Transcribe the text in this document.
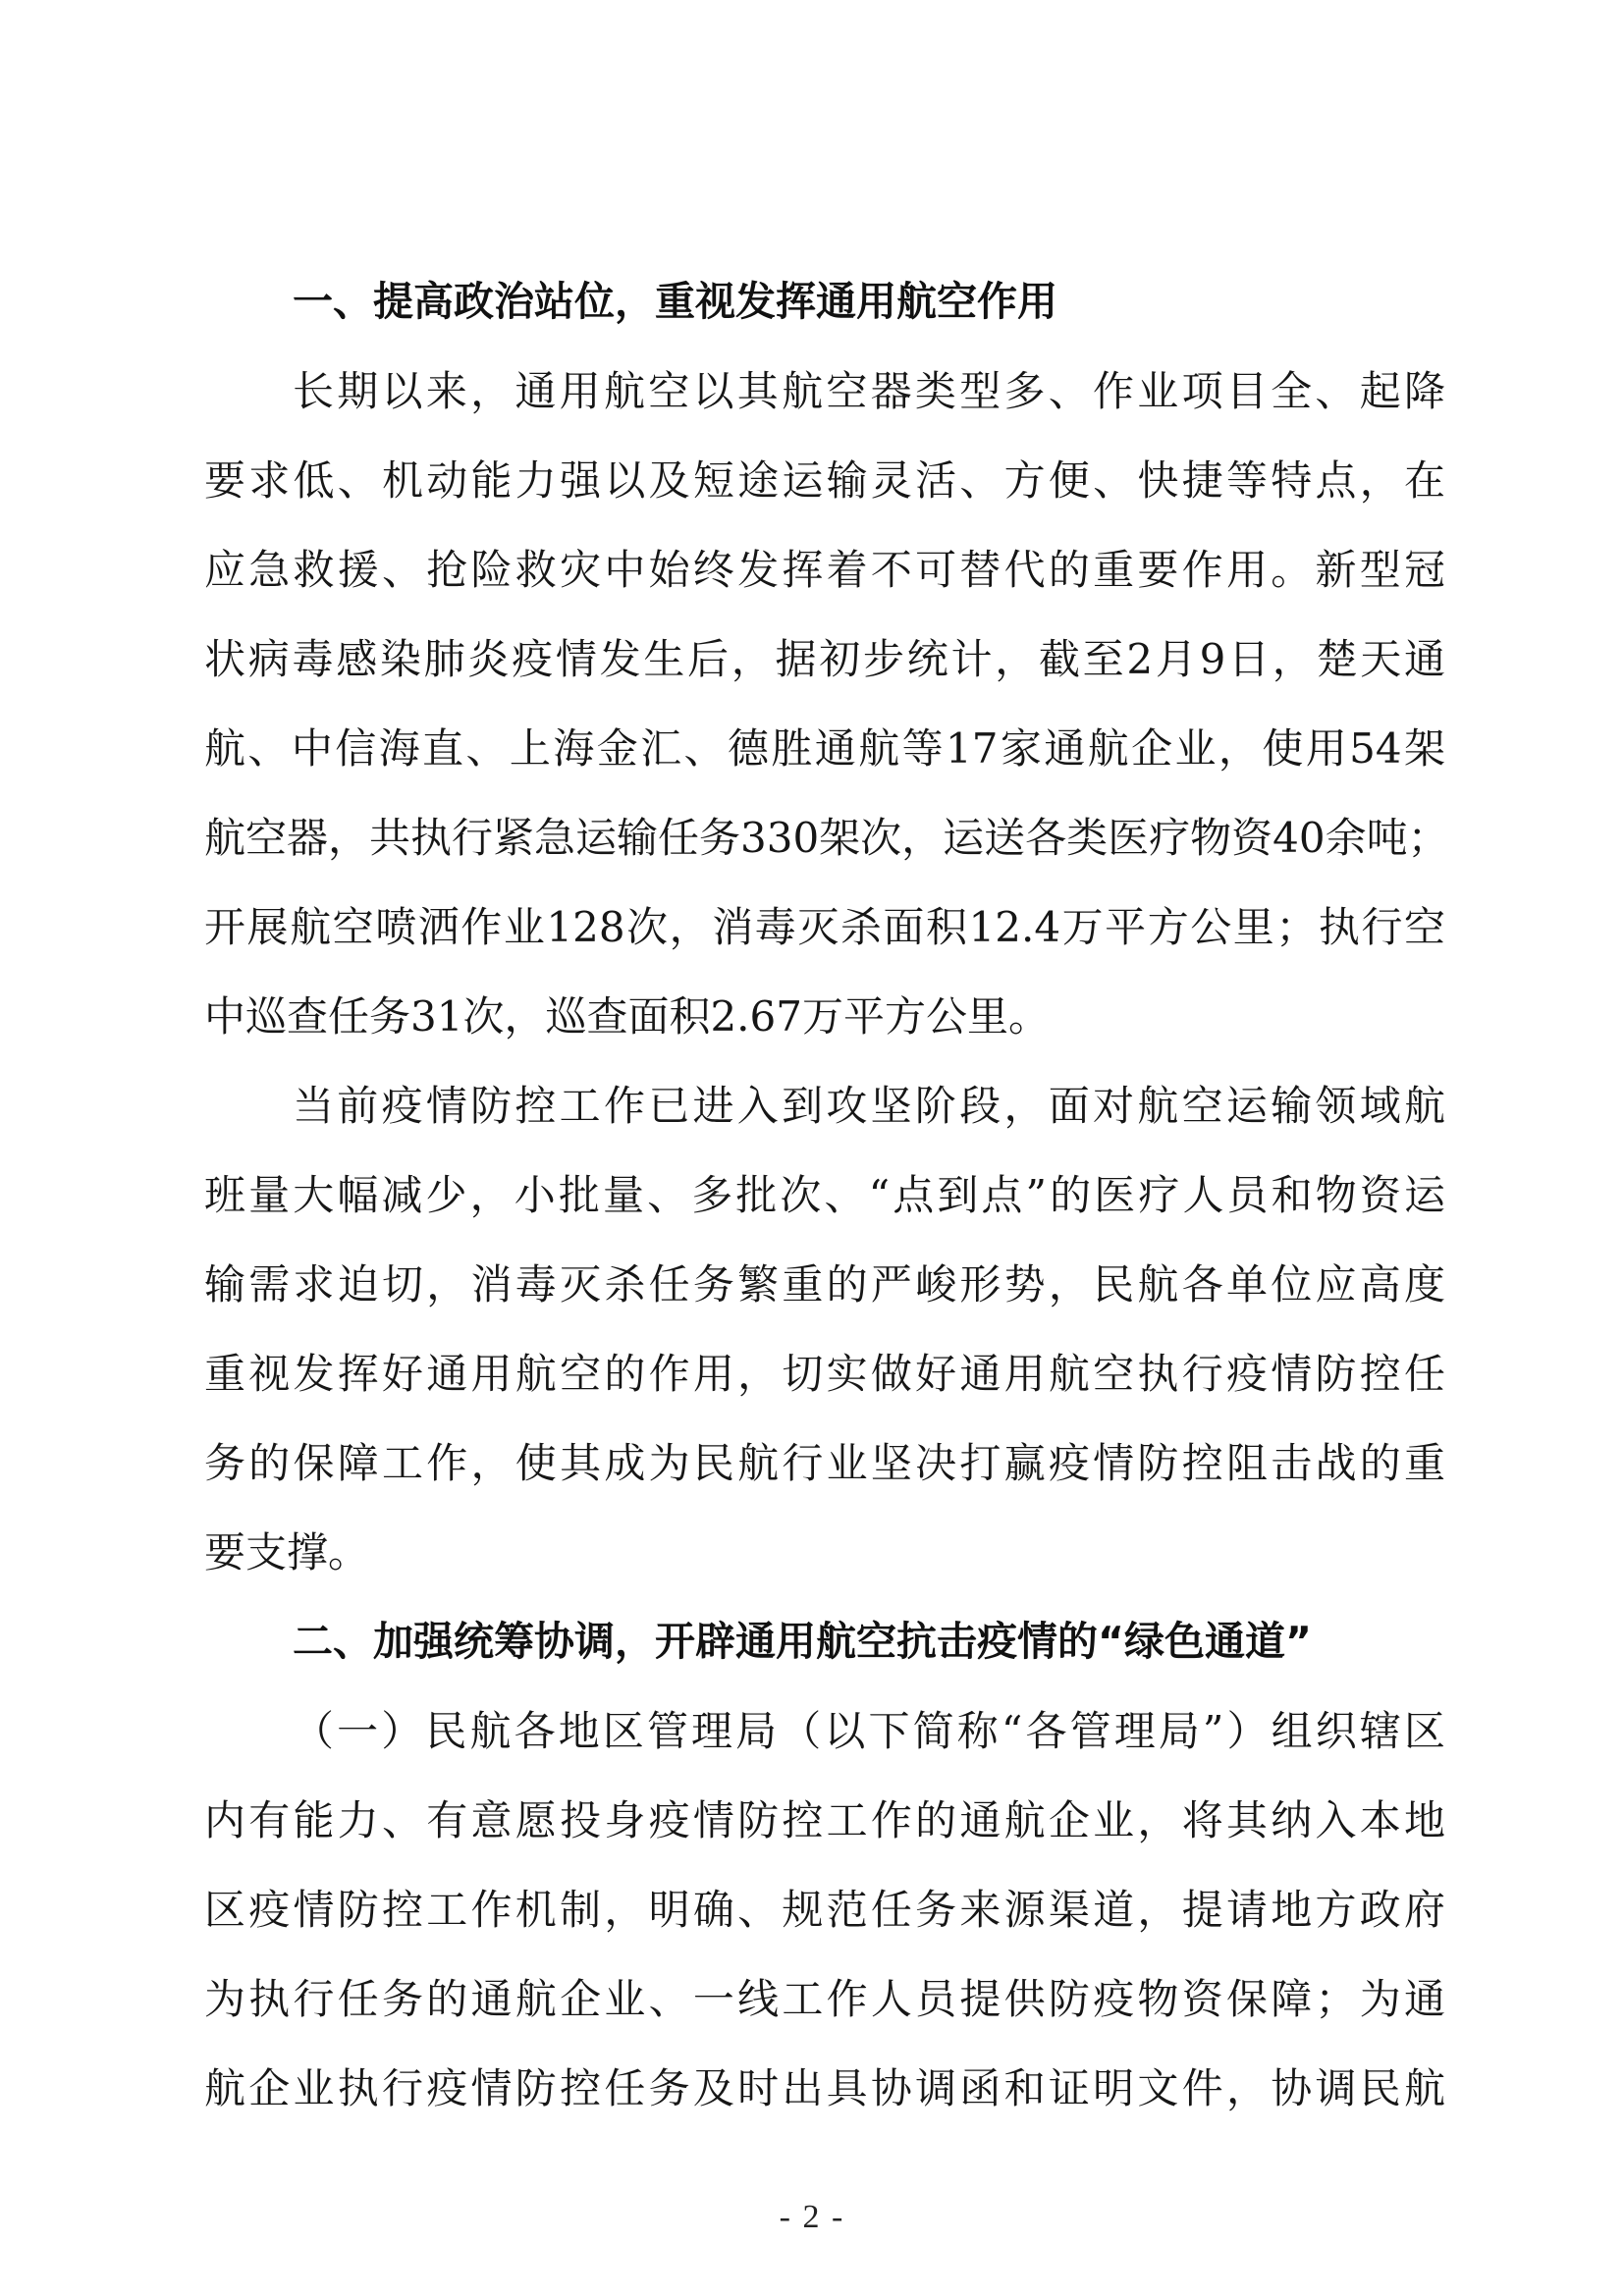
一、提高政治站位，重视发挥通用航空作用
长期以来，通用航空以其航空器类型多、作业项目全、起降
要求低、机动能力强以及短途运输灵活、方便、快捷等特点，在
应急救援、抢险救灾中始终发挥着不可替代的重要作用。新型冠
状病毒感染肺炎疫情发生后，据初步统计，截至2月9日，楚天通
航、中信海直、上海金汇、德胜通航等17家通航企业，使用54架
航空器，共执行紧急运输任务330架次，运送各类医疗物资40余吨；
开展航空喷洒作业128次，消毒灭杀面积12.4万平方公里；执行空
中巡查任务31次，巡查面积2.67万平方公里。
当前疫情防控工作已进入到攻坚阶段，面对航空运输领域航
班量大幅减少，小批量、多批次、“点到点”的医疗人员和物资运
输需求迫切，消毒灭杀任务繁重的严峻形势，民航各单位应高度
重视发挥好通用航空的作用，切实做好通用航空执行疫情防控任
务的保障工作，使其成为民航行业坚决打赢疫情防控阻击战的重
要支撑。
二、加强统筹协调，开辟通用航空抗击疫情的“绿色通道”
（一）民航各地区管理局（以下简称“各管理局”）组织辖区
内有能力、有意愿投身疫情防控工作的通航企业，将其纳入本地
区疫情防控工作机制，明确、规范任务来源渠道，提请地方政府
为执行任务的通航企业、一线工作人员提供防疫物资保障；为通
航企业执行疫情防控任务及时出具协调函和证明文件，协调民航
- 2 -
